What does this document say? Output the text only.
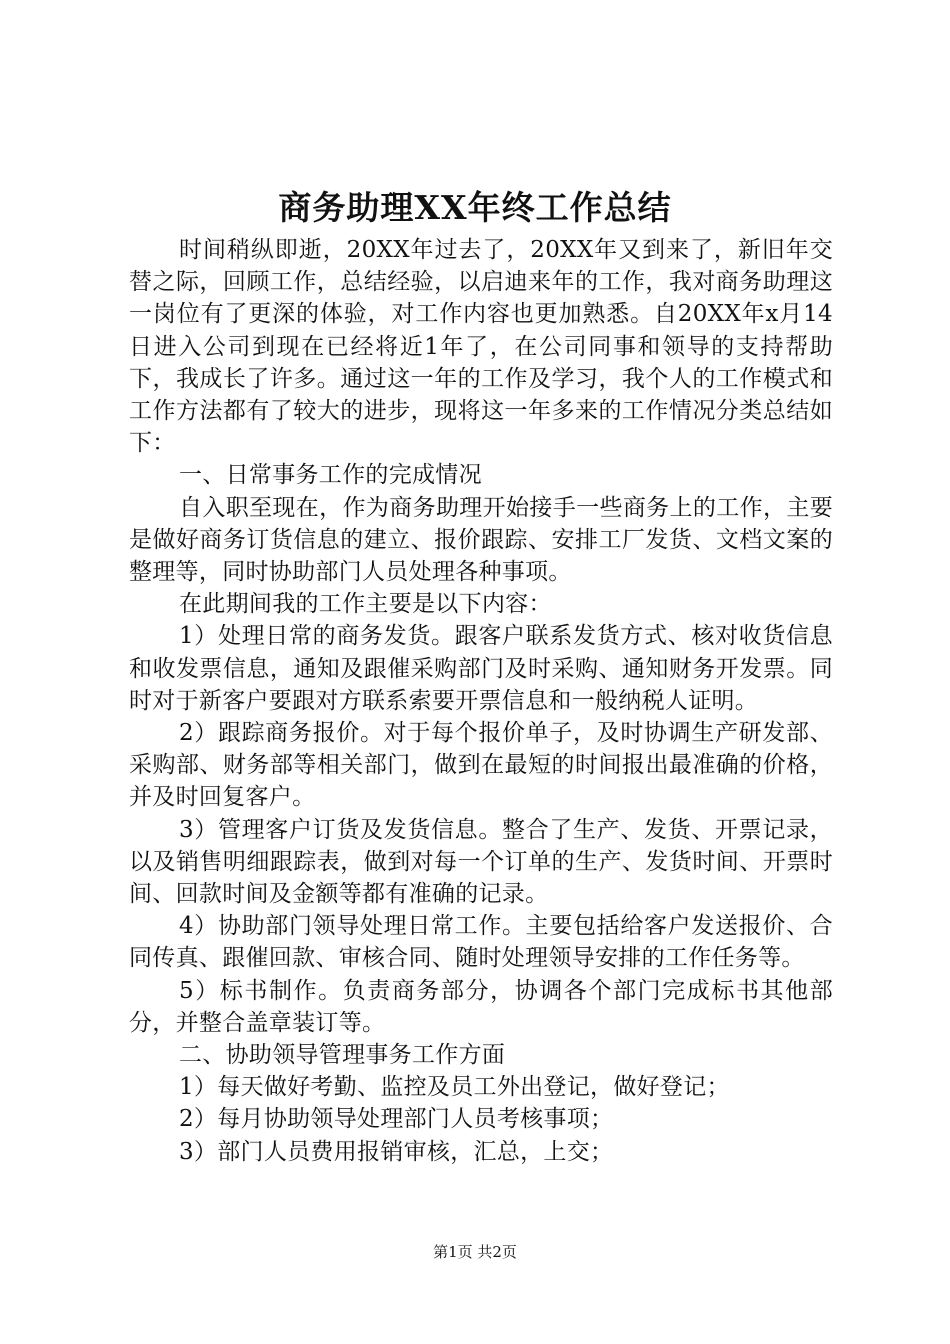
商务助理XX年终工作总结

时间稍纵即逝，20XX年过去了，20XX年又到来了，新旧年交替之际，回顾工作，总结经验，以启迪来年的工作，我对商务助理这一岗位有了更深的体验，对工作内容也更加熟悉。自20XX年x月14日进入公司到现在已经将近1年了，在公司同事和领导的支持帮助下，我成长了许多。通过这一年的工作及学习，我个人的工作模式和工作方法都有了较大的进步，现将这一年多来的工作情况分类总结如下：

一、日常事务工作的完成情况

自入职至现在，作为商务助理开始接手一些商务上的工作，主要是做好商务订货信息的建立、报价跟踪、安排工厂发货、文档文案的整理等，同时协助部门人员处理各种事项。

在此期间我的工作主要是以下内容：

1）处理日常的商务发货。跟客户联系发货方式、核对收货信息和收发票信息，通知及跟催采购部门及时采购、通知财务开发票。同时对于新客户要跟对方联系索要开票信息和一般纳税人证明。

2）跟踪商务报价。对于每个报价单子，及时协调生产研发部、采购部、财务部等相关部门，做到在最短的时间报出最准确的价格，并及时回复客户。

3）管理客户订货及发货信息。整合了生产、发货、开票记录，以及销售明细跟踪表，做到对每一个订单的生产、发货时间、开票时间、回款时间及金额等都有准确的记录。

4）协助部门领导处理日常工作。主要包括给客户发送报价、合同传真、跟催回款、审核合同、随时处理领导安排的工作任务等。

5）标书制作。负责商务部分，协调各个部门完成标书其他部分，并整合盖章装订等。

二、协助领导管理事务工作方面

1）每天做好考勤、监控及员工外出登记，做好登记；

2）每月协助领导处理部门人员考核事项；

3）部门人员费用报销审核，汇总，上交；

第1页 共2页
